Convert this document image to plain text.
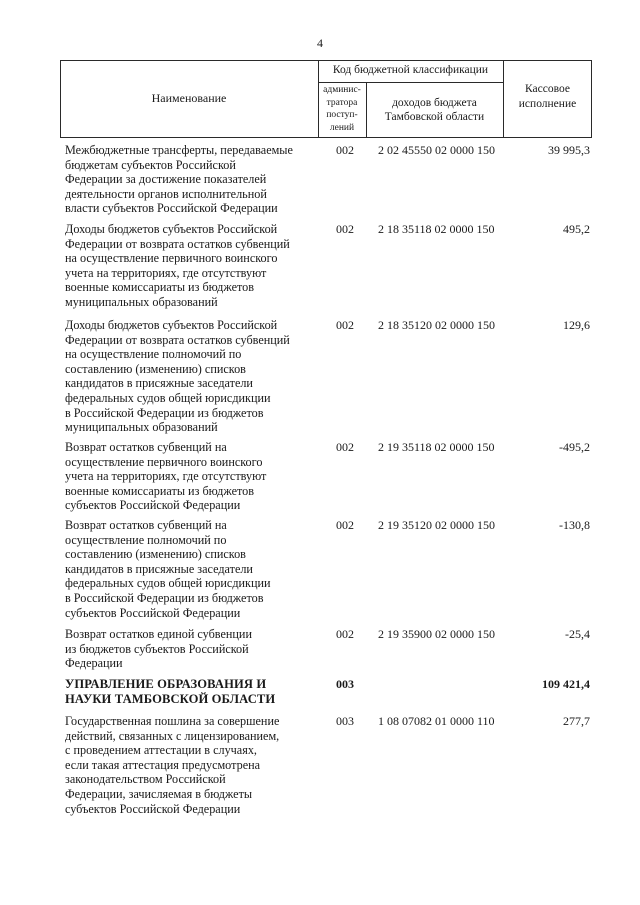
4
Наименование
Код бюджетной классификации
админис-
тратора
поступ-
лений
доходов бюджета
Тамбовской области
Кассовое
исполнение
Межбюджетные трансферты, передаваемые
бюджетам субъектов Российской
Федерации за достижение показателей
деятельности органов исполнительной
власти субъектов Российской Федерации
002 2 02 45550 02 0000 150	39 995,3
Доходы бюджетов субъектов Российской
Федерации от возврата остатков субвенций
на осуществление первичного воинского
учета на территориях, где отсутствуют
военные комиссариаты из бюджетов
муниципальных образований
002 2 18 35118 02 0000 150	495,2
Доходы бюджетов субъектов Российской
Федерации от возврата остатков субвенций
на осуществление полномочий по
составлению (изменению) списков
кандидатов в присяжные заседатели
федеральных судов общей юрисдикции
в Российской Федерации из бюджетов
муниципальных образований
002 2 18 35120 02 0000 150	129,6
Возврат остатков субвенций на
осуществление первичного воинского
учета на территориях, где отсутствуют
военные комиссариаты из бюджетов
субъектов Российской Федерации
002 2 19 35118 02 0000 150	-495,2
Возврат остатков субвенций на
осуществление полномочий по
составлению (изменению) списков
кандидатов в присяжные заседатели
федеральных судов общей юрисдикции
в Российской Федерации из бюджетов
субъектов Российской Федерации
002 2 19 35120 02 0000 150	-130,8
Возврат остатков единой субвенции
из бюджетов субъектов Российской
Федерации
002 2 19 35900 02 0000 150	-25,4
УПРАВЛЕНИЕ ОБРАЗОВАНИЯ И
НАУКИ ТАМБОВСКОЙ ОБЛАСТИ
003	109 421,4
Государственная пошлина за совершение
действий, связанных с лицензированием,
с проведением аттестации в случаях,
если такая аттестация предусмотрена
законодательством Российской
Федерации, зачисляемая в бюджеты
субъектов Российской Федерации
003 1 08 07082 01 0000 110	277,7
